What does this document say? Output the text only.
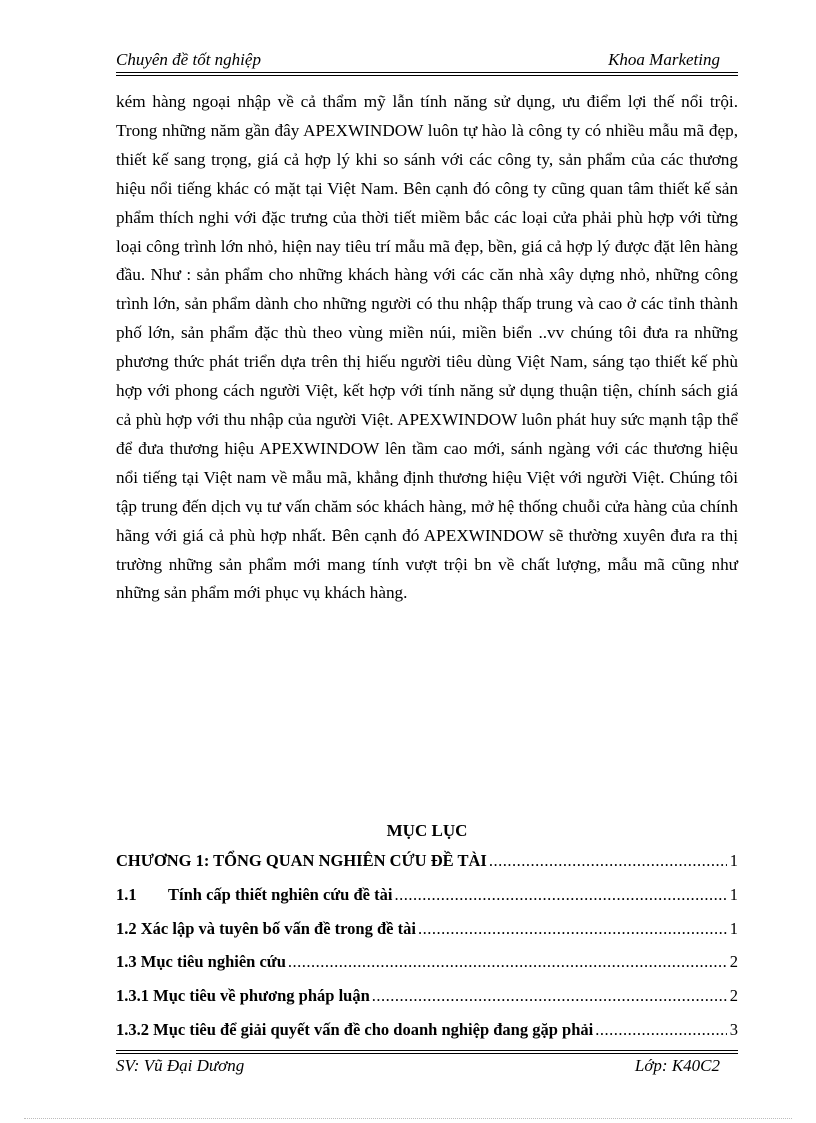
Chuyên đề tốt nghiệp	Khoa Marketing

kém hàng ngoại nhập về cả thẩm mỹ lẫn tính năng sử dụng, ưu điểm lợi thế nổi trội. Trong những năm gần đây APEXWINDOW luôn tự hào là công ty có nhiều mẫu mã đẹp, thiết kế sang trọng, giá cả hợp lý khi so sánh với các công ty, sản phẩm của các thương hiệu nổi tiếng khác có mặt tại Việt Nam. Bên cạnh đó công ty cũng quan tâm thiết kế sản phẩm thích nghi với đặc trưng của thời tiết miềm bắc các loại cửa phải phù hợp với từng loại công trình lớn nhỏ, hiện nay tiêu trí mẫu mã đẹp, bền, giá cả hợp lý được đặt lên hàng đầu. Như : sản phẩm cho những khách hàng với các căn nhà xây dựng nhỏ, những công trình lớn, sản phẩm dành cho những người có thu nhập thấp trung và cao ở các tỉnh thành phố lớn, sản phẩm đặc thù theo vùng miền núi, miền biển ..vv chúng tôi đưa ra những phương thức phát triển dựa trên thị hiếu người tiêu dùng Việt Nam, sáng tạo thiết kế phù hợp với phong cách người Việt, kết hợp với tính năng sử dụng thuận tiện, chính sách giá cả phù hợp với thu nhập của người Việt. APEXWINDOW luôn phát huy sức mạnh tập thể để đưa thương hiệu APEXWINDOW lên tầm cao mới, sánh ngàng với các thương hiệu nổi tiếng tại Việt nam về mẫu mã, khẳng định thương hiệu Việt với người Việt. Chúng tôi tập trung đến dịch vụ tư vấn chăm sóc khách hàng, mở hệ thống chuỗi cửa hàng của chính hãng với giá cả phù hợp nhất. Bên cạnh đó APEXWINDOW sẽ thường xuyên đưa ra thị trường những sản phẩm mới mang tính vượt trội bn về chất lượng, mẫu mã cũng như những sản phẩm mới phục vụ khách hàng.

MỤC LỤC
CHƯƠNG 1: TỔNG QUAN NGHIÊN CỨU ĐỀ TÀI .....	1
1.1	Tính cấp thiết nghiên cứu đề tài .....	1
1.2 Xác lập và tuyên bố vấn đề trong đề tài .....	1
1.3 Mục tiêu nghiên cứu .....	2
1.3.1 Mục tiêu về phương pháp luận .....	2
1.3.2 Mục tiêu để giải quyết vấn đề cho doanh nghiệp đang gặp phải .....	3
SV: Vũ Đại Dương	Lớp: K40C2
